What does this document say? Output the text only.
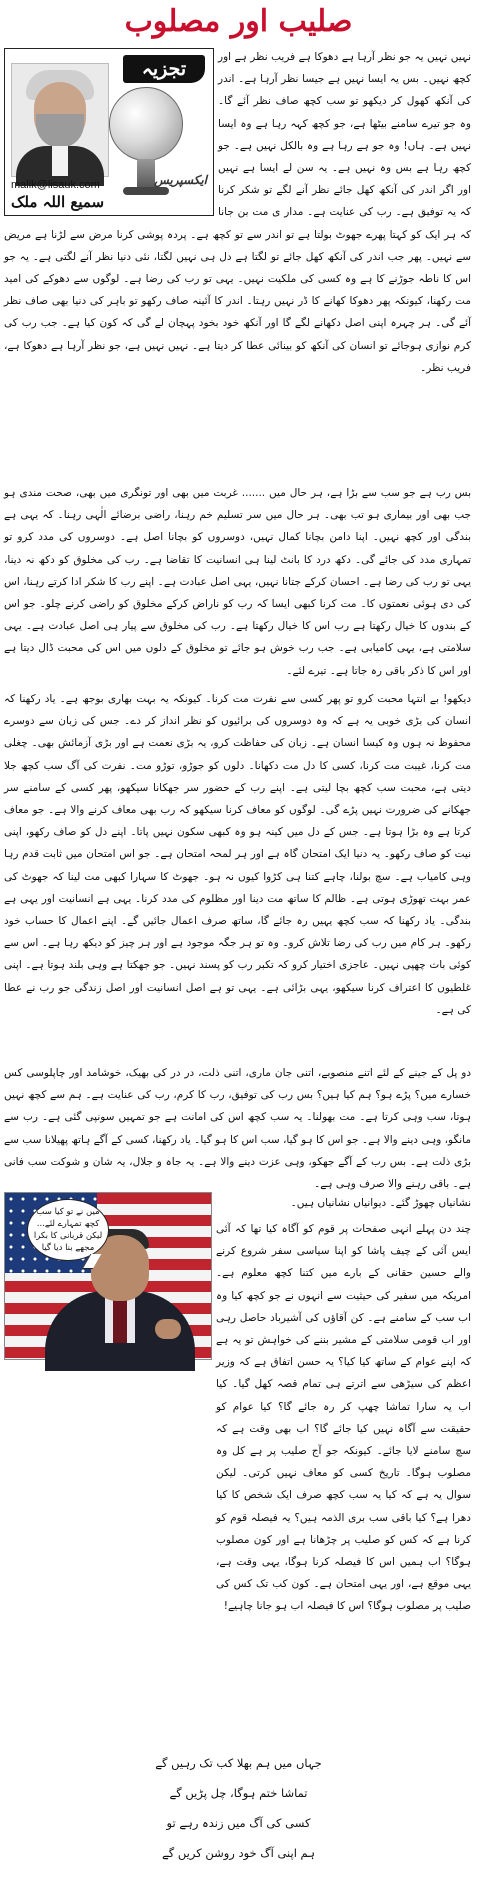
صلیب اور مصلوب
تجزیہ
ایکسپریس
malik@lisauk.com
سمیع اللہ ملک

نہیں نہیں یہ جو نظر آرہا ہے دھوکا ہے فریب نظر ہے اور کچھ نہیں۔ بس یہ ایسا نہیں ہے جیسا نظر آرہا ہے۔ اندر کی آنکھ کھول کر دیکھو تو سب کچھ صاف نظر آئے گا۔ وہ جو تیرے سامنے بیٹھا ہے، جو کچھ کہہ رہا ہے وہ ایسا نہیں ہے۔ ہاں! وہ جو ہے رہا ہے وہ بالکل نہیں ہے۔ جو کچھ رہا ہے بس وہ نہیں ہے۔ یہ سن لے ایسا ہے نہیں اور اگر اندر کی آنکھ کھل جائے نظر آنے لگے تو شکر کرنا کہ یہ توفیق ہے۔ رب کی عنایت ہے۔ مدار ی مت بن جانا کہ ہر ایک کو کہتا پھرے جھوٹ بولتا ہے تو اندر سے تو کچھ ہے۔ پردہ پوشی کرنا مرض سے لڑنا ہے مریض سے نہیں۔ پھر جب اندر کی آنکھ کھل جائے تو لگتا ہے دل ہی نہیں لگتا، نئی دنیا نظر آنے لگتی ہے۔ یہ جو اس کا ناطہ جوڑنے کا ہے وہ کسی کی ملکیت نہیں۔ یہی تو رب کی رضا ہے۔ لوگوں سے دھوکے کی امید مت رکھنا، کیونکہ پھر دھوکا کھانے کا ڈر نہیں رہتا۔ اندر کا آئینہ صاف رکھو تو باہر کی دنیا بھی صاف نظر آئے گی۔ ہر چہرہ اپنی اصل دکھانے لگے گا اور آنکھ خود بخود پہچان لے گی کہ کون کیا ہے۔ جب رب کی کرم نوازی ہوجائے تو انسان کی آنکھ کو بینائی عطا کر دیتا ہے۔ نہیں نہیں ہے، جو نظر آرہا ہے دھوکا ہے، فریب نظر۔

بس رب ہے جو سب سے بڑا ہے، ہر حال میں ....... غربت میں بھی اور تونگری میں بھی، صحت مندی ہو جب بھی اور بیماری ہو تب بھی۔ ہر حال میں سر تسلیم خم رہنا، راضی برضائے الٰہی رہنا۔ کہ یہی ہے بندگی اور کچھ نہیں۔ اپنا دامن بچانا کمال نہیں، دوسروں کو بچانا اصل ہے۔ دوسروں کی مدد کرو تو تمہاری مدد کی جائے گی۔ دکھ درد کا بانٹ لینا ہی انسانیت کا تقاضا ہے۔ رب کی مخلوق کو دکھ نہ دینا، یہی تو رب کی رضا ہے۔ احسان کرکے جتانا نہیں، یہی اصل عبادت ہے۔ اپنے رب کا شکر ادا کرتے رہنا، اس کی دی ہوئی نعمتوں کا۔ مت کرنا کبھی ایسا کہ رب کو ناراض کرکے مخلوق کو راضی کرنے چلو۔ جو اس کے بندوں کا خیال رکھتا ہے رب اس کا خیال رکھتا ہے۔ رب کی مخلوق سے پیار ہی اصل عبادت ہے۔ یہی سلامتی ہے، یہی کامیابی ہے۔ جب رب خوش ہو جائے تو مخلوق کے دلوں میں اس کی محبت ڈال دیتا ہے اور اس کا ذکر باقی رہ جاتا ہے۔ تیرے لئے۔

دیکھو! بے انتہا محبت کرو تو پھر کسی سے نفرت مت کرنا۔ کیونکہ یہ بہت بھاری بوجھ ہے۔ یاد رکھنا کہ انسان کی بڑی خوبی یہ ہے کہ وہ دوسروں کی برائیوں کو نظر انداز کر دے۔ جس کی زبان سے دوسرے محفوظ نہ ہوں وہ کیسا انسان ہے۔ زبان کی حفاظت کرو، یہ بڑی نعمت ہے اور بڑی آزمائش بھی۔ چغلی مت کرنا، غیبت مت کرنا، کسی کا دل مت دکھانا۔ دلوں کو جوڑو، توڑو مت۔ نفرت کی آگ سب کچھ جلا دیتی ہے، محبت سب کچھ بچا لیتی ہے۔ اپنے رب کے حضور سر جھکانا سیکھو، پھر کسی کے سامنے سر جھکانے کی ضرورت نہیں پڑے گی۔ لوگوں کو معاف کرنا سیکھو کہ رب بھی معاف کرنے والا ہے۔ جو معاف کرتا ہے وہ بڑا ہوتا ہے۔ جس کے دل میں کینہ ہو وہ کبھی سکون نہیں پاتا۔ اپنے دل کو صاف رکھو، اپنی نیت کو صاف رکھو۔ یہ دنیا ایک امتحان گاہ ہے اور ہر لمحہ امتحان ہے۔ جو اس امتحان میں ثابت قدم رہا وہی کامیاب ہے۔ سچ بولنا، چاہے کتنا ہی کڑوا کیوں نہ ہو۔ جھوٹ کا سہارا کبھی مت لینا کہ جھوٹ کی عمر بہت تھوڑی ہوتی ہے۔ ظالم کا ساتھ مت دینا اور مظلوم کی مدد کرنا۔ یہی ہے انسانیت اور یہی ہے بندگی۔ یاد رکھنا کہ سب کچھ یہیں رہ جائے گا، ساتھ صرف اعمال جائیں گے۔ اپنے اعمال کا حساب خود رکھو۔ ہر کام میں رب کی رضا تلاش کرو۔ وہ تو ہر جگہ موجود ہے اور ہر چیز کو دیکھ رہا ہے۔ اس سے کوئی بات چھپی نہیں۔ عاجزی اختیار کرو کہ تکبر رب کو پسند نہیں۔ جو جھکتا ہے وہی بلند ہوتا ہے۔ اپنی غلطیوں کا اعتراف کرنا سیکھو، یہی بڑائی ہے۔ یہی تو ہے اصل انسانیت اور اصل زندگی جو رب نے عطا کی ہے۔

دو پل کے جینے کے لئے اتنے منصوبے، اتنی جان ماری، اتنی ذلت، در در کی بھیک، خوشامد اور چاپلوسی کس خسارے میں؟ پڑے ہو؟ ہم کیا ہیں؟ بس رب کی توفیق، رب کا کرم، رب کی عنایت ہے۔ ہم سے کچھ نہیں ہوتا، سب وہی کرتا ہے۔ مت بھولنا۔ یہ سب کچھ اس کی امانت ہے جو تمہیں سونپی گئی ہے۔ رب سے مانگو، وہی دینے والا ہے۔ جو اس کا ہو گیا، سب اس کا ہو گیا۔ یاد رکھنا، کسی کے آگے ہاتھ پھیلانا سب سے بڑی ذلت ہے۔ بس رب کے آگے جھکو، وہی عزت دینے والا ہے۔ یہ جاہ و جلال، یہ شان و شوکت سب فانی ہے۔ باقی رہنے والا صرف وہی ہے۔

میں نے تو کیا سب کچھ تمہارے لئے... لیکن قربانی کا بکرا مجھے بنا دیا گیا

نشانیاں چھوڑ گئے۔ دیوانیاں نشانیاں ہیں۔

چند دن پہلے انہی صفحات پر قوم کو آگاہ کیا تھا کہ آئی ایس آئی کے چیف پاشا کو اپنا سیاسی سفر شروع کرنے والے حسین حقانی کے بارے میں کتنا کچھ معلوم ہے۔ امریکہ میں سفیر کی حیثیت سے انہوں نے جو کچھ کیا وہ اب سب کے سامنے ہے۔ کن آقاؤں کی آشیرباد حاصل رہی اور اب قومی سلامتی کے مشیر بننے کی خواہش تو یہ ہے کہ اپنے عوام کے ساتھ کیا کیا؟ یہ حسن اتفاق ہے کہ وزیر اعظم کی سیڑھی سے اترتے ہی تمام قصہ کھل گیا۔ کیا اب یہ سارا تماشا چھپ کر رہ جائے گا؟ کیا عوام کو حقیقت سے آگاہ نہیں کیا جائے گا؟ اب بھی وقت ہے کہ سچ سامنے لایا جائے۔ کیونکہ جو آج صلیب پر ہے کل وہ مصلوب ہوگا۔ تاریخ کسی کو معاف نہیں کرتی۔ لیکن سوال یہ ہے کہ کیا یہ سب کچھ صرف ایک شخص کا کیا دھرا ہے؟ کیا باقی سب بری الذمہ ہیں؟ یہ فیصلہ قوم کو کرنا ہے کہ کس کو صلیب پر چڑھانا ہے اور کون مصلوب ہوگا؟ اب ہمیں اس کا فیصلہ کرنا ہوگا، یہی وقت ہے، یہی موقع ہے، اور یہی امتحان ہے۔ کون کب تک کس کی صلیب پر مصلوب ہوگا؟ اس کا فیصلہ اب ہو جانا چاہیے!

جہاں میں ہم بھلا کب تک رہیں گے
تماشا ختم ہوگا، چل پڑیں گے
کسی کی آگ میں زندہ رہے تو
ہم اپنی آگ خود روشن کریں گے
